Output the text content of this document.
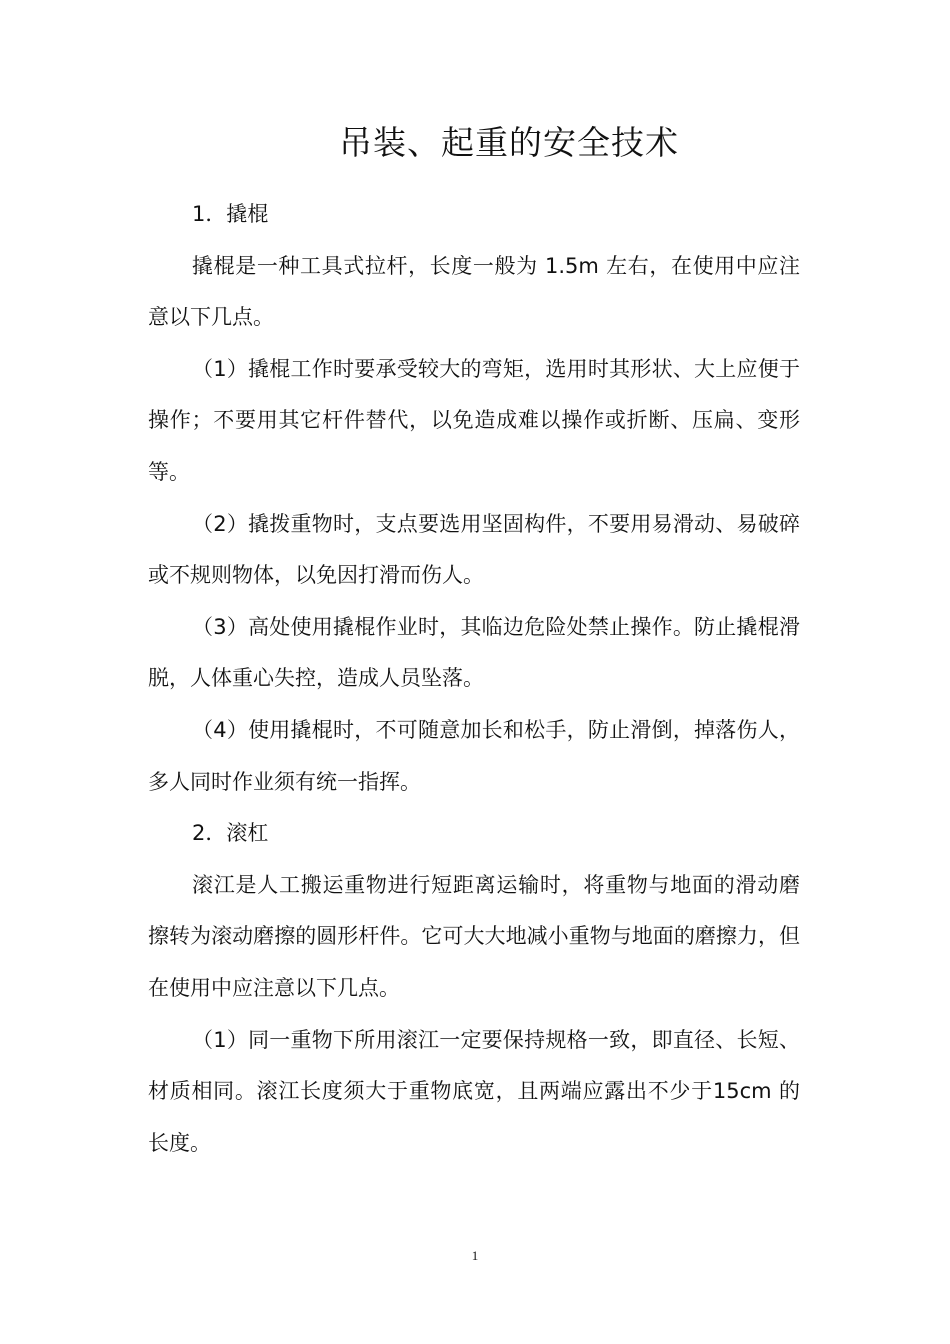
吊装、起重的安全技术

1．撬棍

撬棍是一种工具式拉杆，长度一般为 1.5m 左右，在使用中应注意以下几点。

（1）撬棍工作时要承受较大的弯矩，选用时其形状、大上应便于操作；不要用其它杆件替代，以免造成难以操作或折断、压扁、变形等。

（2）撬拨重物时，支点要选用坚固构件，不要用易滑动、易破碎或不规则物体，以免因打滑而伤人。

（3）高处使用撬棍作业时，其临边危险处禁止操作。防止撬棍滑脱，人体重心失控，造成人员坠落。

（4）使用撬棍时，不可随意加长和松手，防止滑倒，掉落伤人，多人同时作业须有统一指挥。

2．滚杠

滚江是人工搬运重物进行短距离运输时，将重物与地面的滑动磨擦转为滚动磨擦的圆形杆件。它可大大地减小重物与地面的磨擦力，但在使用中应注意以下几点。

（1）同一重物下所用滚江一定要保持规格一致，即直径、长短、材质相同。滚江长度须大于重物底宽，且两端应露出不少于15cm 的长度。

1
